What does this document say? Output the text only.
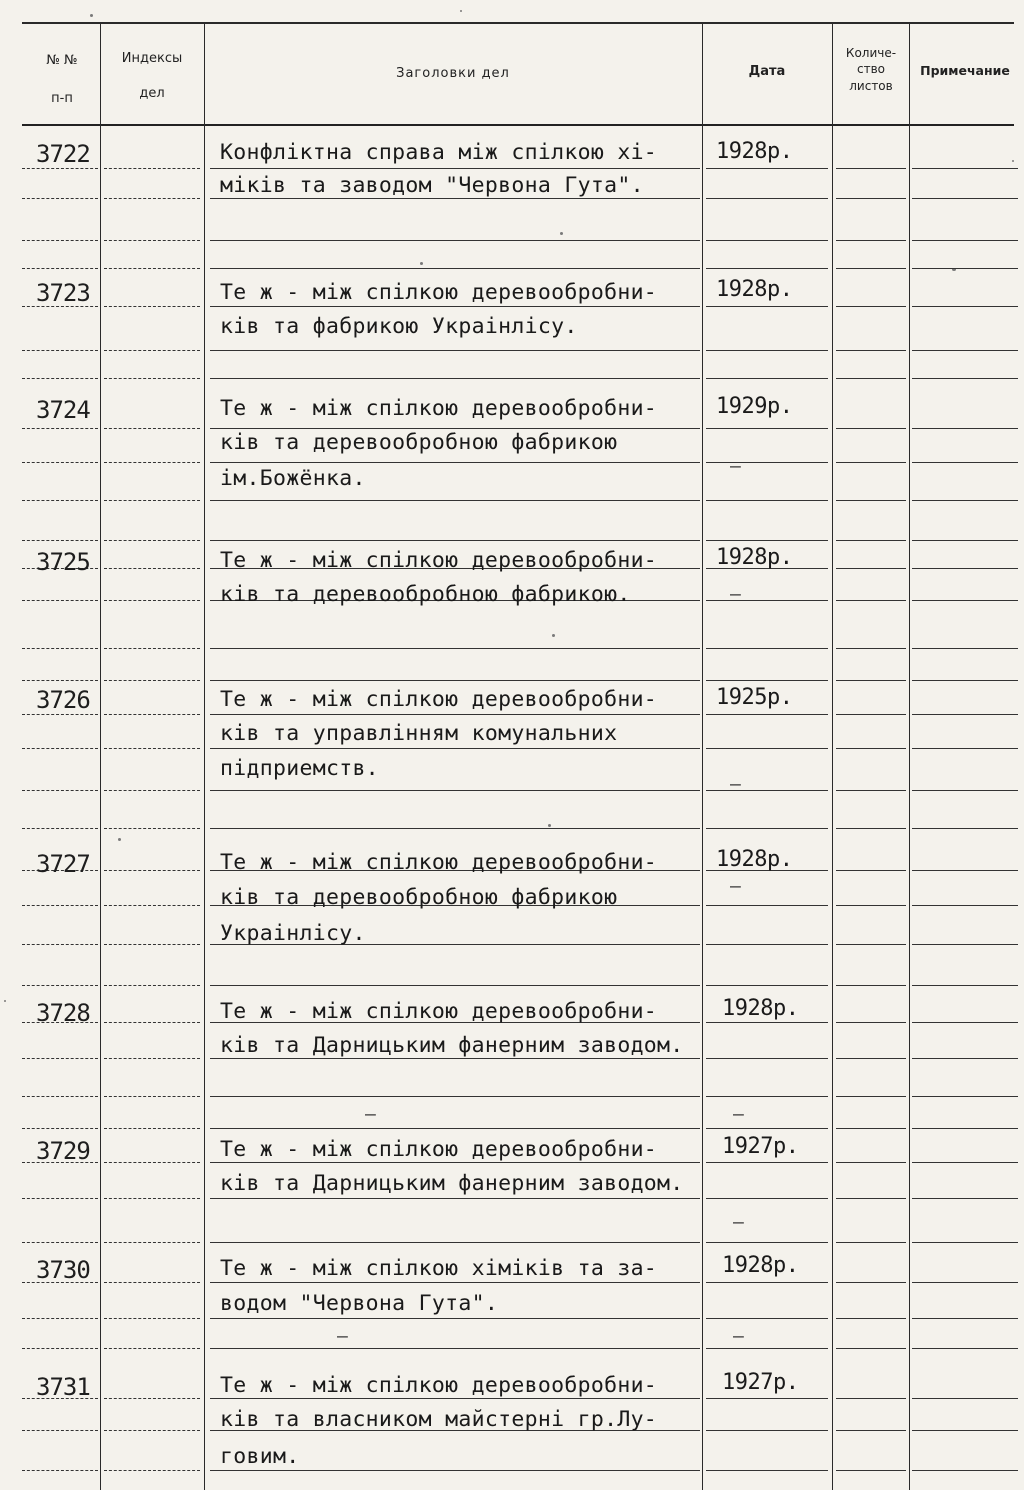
№ №
п-п
Индексы
дел
Заголовки дел	Дата
Количе-
ство
листов
Примечание
3722
3723
3724
3725
3726
3727
3728
3729
3730
3731
Конфлiктна справа мiж спiлкою хi-
мiкiв та заводом "Червона Гута".
Те ж - мiж спiлкою деревообробни-
кiв та фабрикою Украiнлiсу.
Те ж - мiж спiлкою деревообробни-
кiв та деревообробною фабрикою
iм.Божёнка.
Те ж - мiж спiлкою деревообробни-
кiв та деревообробною фабрикою.
Те ж - мiж спiлкою деревообробни-
кiв та управлiнням комунальних
пiдприемств.
Те ж - мiж спiлкою деревообробни-
кiв та деревообробною фабрикою
Украiнлiсу.
Те ж - мiж спiлкою деревообробни-
кiв та Дарницьким фанерним заводом.
Те ж - мiж спiлкою деревообробни-
кiв та Дарницьким фанерним заводом.
Те ж - мiж спiлкою хiмiкiв та за-
водом "Червона Гута".
Те ж - мiж спiлкою деревообробни-
кiв та власником майстернi гр.Лу-
говим.
1928р.
1928р.
1929р.
1928р.
1925р.
1928р.
1928р.
1927р.
1928р.
1927р.
—
—
—
—
—
—
—
—
—
